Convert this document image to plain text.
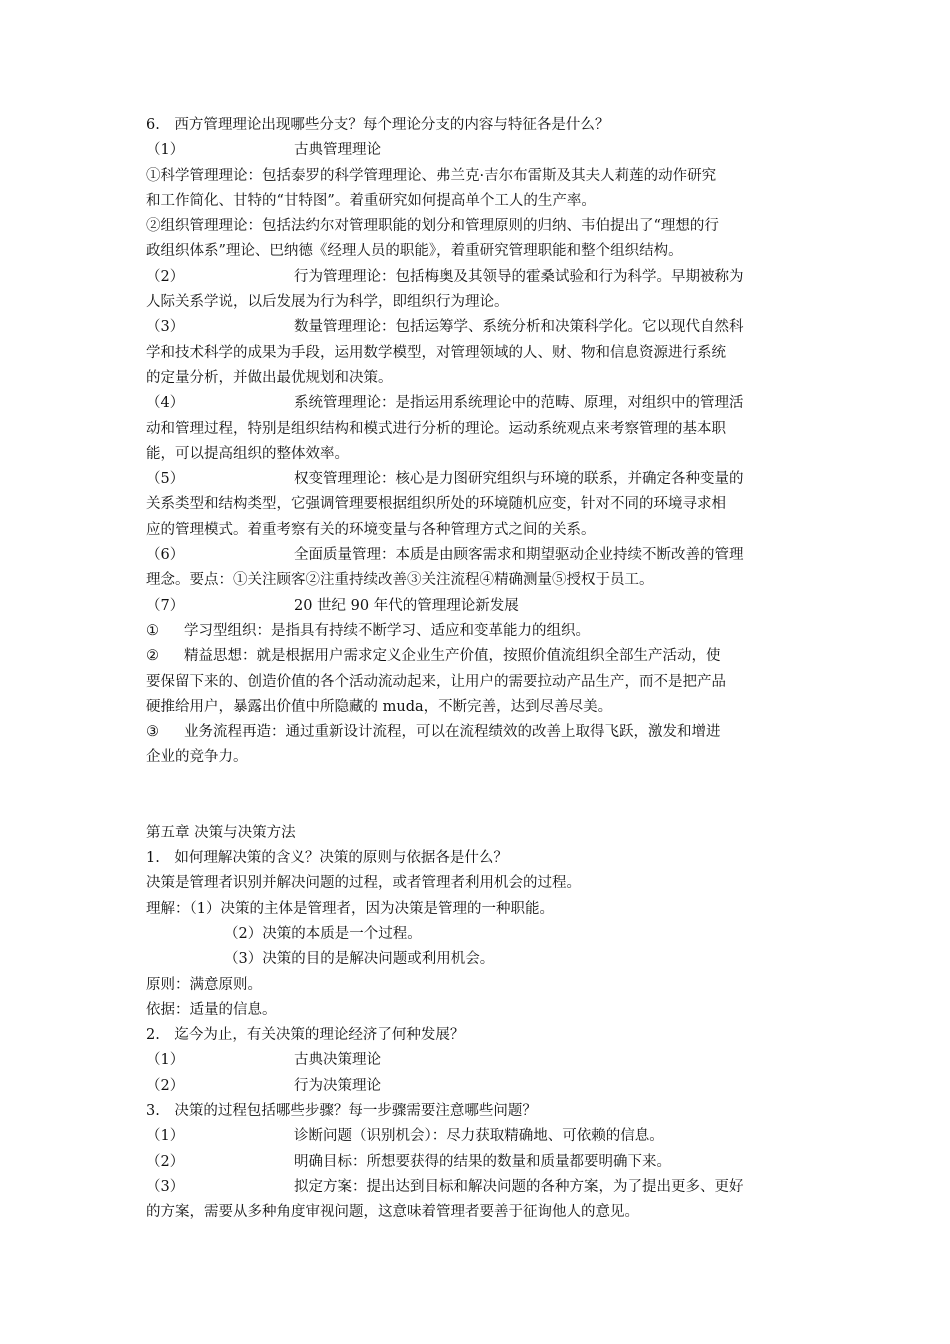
6.　西方管理理论出现哪些分支？每个理论分支的内容与特征各是什么？
（1）	古典管理理论
①科学管理理论：包括泰罗的科学管理理论、弗兰克·吉尔布雷斯及其夫人莉莲的动作研究
和工作简化、甘特的“甘特图”。着重研究如何提高单个工人的生产率。
②组织管理理论：包括法约尔对管理职能的划分和管理原则的归纳、韦伯提出了“理想的行
政组织体系”理论、巴纳德《经理人员的职能》，着重研究管理职能和整个组织结构。
（2）	行为管理理论：包括梅奥及其领导的霍桑试验和行为科学。早期被称为
人际关系学说，以后发展为行为科学，即组织行为理论。
（3）	数量管理理论：包括运筹学、系统分析和决策科学化。它以现代自然科
学和技术科学的成果为手段，运用数学模型，对管理领域的人、财、物和信息资源进行系统
的定量分析，并做出最优规划和决策。
（4）	系统管理理论：是指运用系统理论中的范畴、原理，对组织中的管理活
动和管理过程，特别是组织结构和模式进行分析的理论。运动系统观点来考察管理的基本职
能，可以提高组织的整体效率。
（5）	权变管理理论：核心是力图研究组织与环境的联系，并确定各种变量的
关系类型和结构类型，它强调管理要根据组织所处的环境随机应变，针对不同的环境寻求相
应的管理模式。着重考察有关的环境变量与各种管理方式之间的关系。
（6）	全面质量管理：本质是由顾客需求和期望驱动企业持续不断改善的管理
理念。要点：①关注顾客②注重持续改善③关注流程④精确测量⑤授权于员工。
（7）	20 世纪 90 年代的管理理论新发展
① 学习型组织：是指具有持续不断学习、适应和变革能力的组织。
② 精益思想：就是根据用户需求定义企业生产价值，按照价值流组织全部生产活动，使
要保留下来的、创造价值的各个活动流动起来，让用户的需要拉动产品生产，而不是把产品
硬推给用户，暴露出价值中所隐藏的 muda，不断完善，达到尽善尽美。
③ 业务流程再造：通过重新设计流程，可以在流程绩效的改善上取得飞跃，激发和增进
企业的竞争力。
第五章 决策与决策方法
1.　如何理解决策的含义？决策的原则与依据各是什么？
决策是管理者识别并解决问题的过程，或者管理者利用机会的过程。
理解：（1）决策的主体是管理者，因为决策是管理的一种职能。
（2）决策的本质是一个过程。
（3）决策的目的是解决问题或利用机会。
原则：满意原则。
依据：适量的信息。
2.　迄今为止，有关决策的理论经济了何种发展？
（1）	古典决策理论
（2）	行为决策理论
3.　决策的过程包括哪些步骤？每一步骤需要注意哪些问题？
（1）	诊断问题（识别机会）：尽力获取精确地、可依赖的信息。
（2）	明确目标：所想要获得的结果的数量和质量都要明确下来。
（3）	拟定方案：提出达到目标和解决问题的各种方案，为了提出更多、更好
的方案，需要从多种角度审视问题，这意味着管理者要善于征询他人的意见。
